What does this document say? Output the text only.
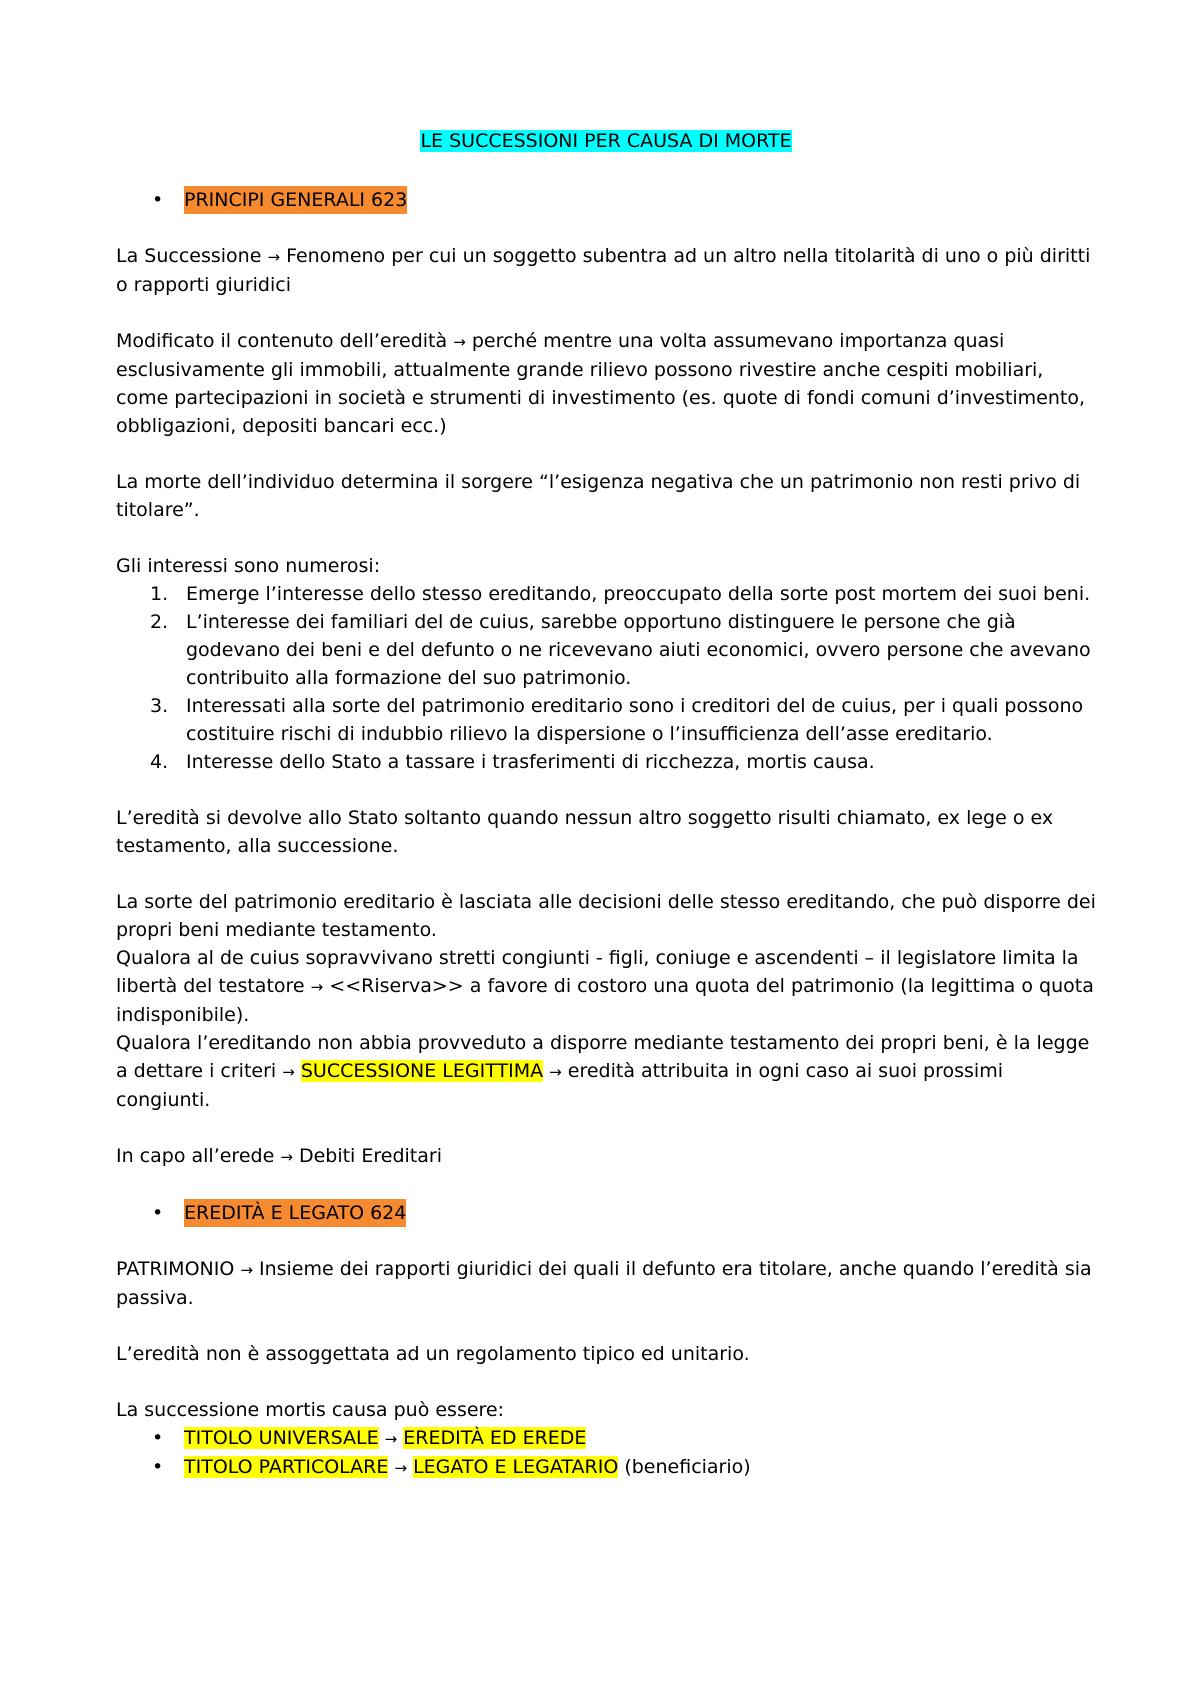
LE SUCCESSIONI PER CAUSA DI MORTE
•	PRINCIPI GENERALI 623

La Successione → Fenomeno per cui un soggetto subentra ad un altro nella titolarità di uno o più diritti o rapporti giuridici

Modificato il contenuto dell’eredità → perché mentre una volta assumevano importanza quasi esclusivamente gli immobili, attualmente grande rilievo possono rivestire anche cespiti mobiliari, come partecipazioni in società e strumenti di investimento (es. quote di fondi comuni d’investimento, obbligazioni, depositi bancari ecc.)

La morte dell’individuo determina il sorgere “l’esigenza negativa che un patrimonio non resti privo di titolare”.

Gli interessi sono numerosi:

1. Emerge l’interesse dello stesso ereditando, preoccupato della sorte post mortem dei suoi beni.
2. L’interesse dei familiari del de cuius, sarebbe opportuno distinguere le persone che già godevano dei beni e del defunto o ne ricevevano aiuti economici, ovvero persone che avevano contribuito alla formazione del suo patrimonio.
3. Interessati alla sorte del patrimonio ereditario sono i creditori del de cuius, per i quali possono costituire rischi di indubbio rilievo la dispersione o l’insufficienza dell’asse ereditario.
4. Interesse dello Stato a tassare i trasferimenti di ricchezza, mortis causa.

L’eredità si devolve allo Stato soltanto quando nessun altro soggetto risulti chiamato, ex lege o ex testamento, alla successione.

La sorte del patrimonio ereditario è lasciata alle decisioni delle stesso ereditando, che può disporre dei propri beni mediante testamento.

Qualora al de cuius sopravvivano stretti congiunti - figli, coniuge e ascendenti – il legislatore limita la libertà del testatore → <<Riserva>> a favore di costoro una quota del patrimonio (la legittima o quota indisponibile).

Qualora l’ereditando non abbia provveduto a disporre mediante testamento dei propri beni, è la legge a dettare i criteri → SUCCESSIONE LEGITTIMA → eredità attribuita in ogni caso ai suoi prossimi congiunti.

In capo all’erede → Debiti Ereditari

•	EREDITÀ E LEGATO 624

PATRIMONIO → Insieme dei rapporti giuridici dei quali il defunto era titolare, anche quando l’eredità sia passiva.

L’eredità non è assoggettata ad un regolamento tipico ed unitario.

La successione mortis causa può essere:

•	TITOLO UNIVERSALE → EREDITÀ ED EREDE
•	TITOLO PARTICOLARE → LEGATO E LEGATARIO (beneficiario)
